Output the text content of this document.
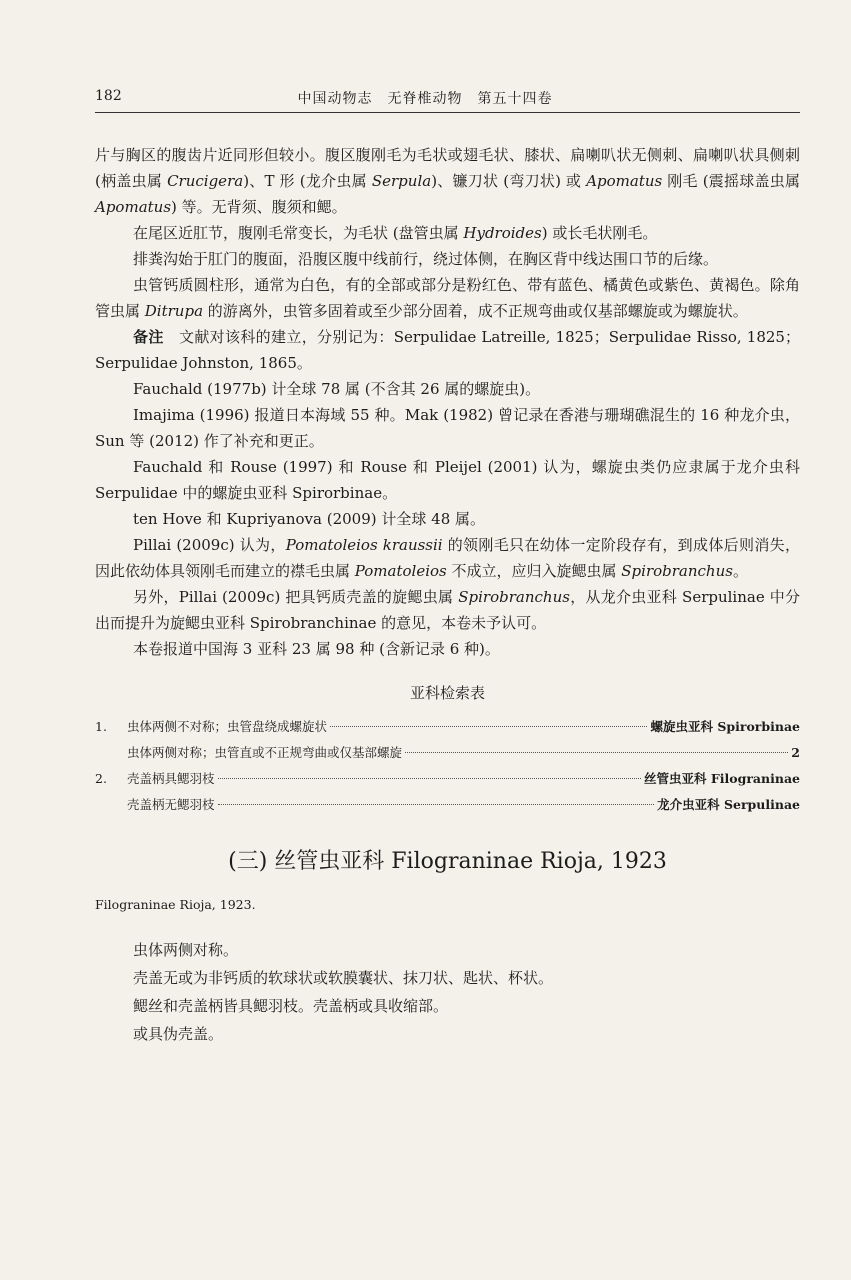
182	中国动物志　无脊椎动物　第五十四卷

片与胸区的腹齿片近同形但较小。腹区腹刚毛为毛状或翅毛状、膝状、扁喇叭状无侧刺、扁喇叭状具侧刺 (柄盖虫属 Crucigera)、T 形 (龙介虫属 Serpula)、镰刀状 (弯刀状) 或 Apomatus 刚毛 (震摇球盖虫属 Apomatus) 等。无背须、腹须和鳃。

在尾区近肛节，腹刚毛常变长，为毛状 (盘管虫属 Hydroides) 或长毛状刚毛。

排粪沟始于肛门的腹面，沿腹区腹中线前行，绕过体侧，在胸区背中线达围口节的后缘。

虫管钙质圆柱形，通常为白色，有的全部或部分是粉红色、带有蓝色、橘黄色或紫色、黄褐色。除角管虫属 Ditrupa 的游离外，虫管多固着或至少部分固着，成不正规弯曲或仅基部螺旋或为螺旋状。

备注　文献对该科的建立，分别记为：Serpulidae Latreille, 1825；Serpulidae Risso, 1825；Serpulidae Johnston, 1865。

Fauchald (1977b) 计全球 78 属 (不含其 26 属的螺旋虫)。

Imajima (1996) 报道日本海域 55 种。Mak (1982) 曾记录在香港与珊瑚礁混生的 16 种龙介虫，Sun 等 (2012) 作了补充和更正。

Fauchald 和 Rouse (1997) 和 Rouse 和 Pleijel (2001) 认为，螺旋虫类仍应隶属于龙介虫科 Serpulidae 中的螺旋虫亚科 Spirorbinae。

ten Hove 和 Kupriyanova (2009) 计全球 48 属。

Pillai (2009c) 认为，Pomatoleios kraussii 的领刚毛只在幼体一定阶段存有，到成体后则消失，因此依幼体具领刚毛而建立的襟毛虫属 Pomatoleios 不成立，应归入旋鳃虫属 Spirobranchus。

另外，Pillai (2009c) 把具钙质壳盖的旋鳃虫属 Spirobranchus，从龙介虫亚科 Serpulinae 中分出而提升为旋鳃虫亚科 Spirobranchinae 的意见，本卷未予认可。

本卷报道中国海 3 亚科 23 属 98 种 (含新记录 6 种)。

亚科检索表
1.	虫体两侧不对称；虫管盘绕成螺旋状	螺旋虫亚科 Spirorbinae
虫体两侧对称；虫管直或不正规弯曲或仅基部螺旋	2
2.	壳盖柄具鳃羽枝	丝管虫亚科 Filograninae
壳盖柄无鳃羽枝	龙介虫亚科 Serpulinae
(三) 丝管虫亚科 Filograninae Rioja, 1923

Filograninae Rioja, 1923.

虫体两侧对称。

壳盖无或为非钙质的软球状或软膜囊状、抹刀状、匙状、杯状。

鳃丝和壳盖柄皆具鳃羽枝。壳盖柄或具收缩部。

或具伪壳盖。
